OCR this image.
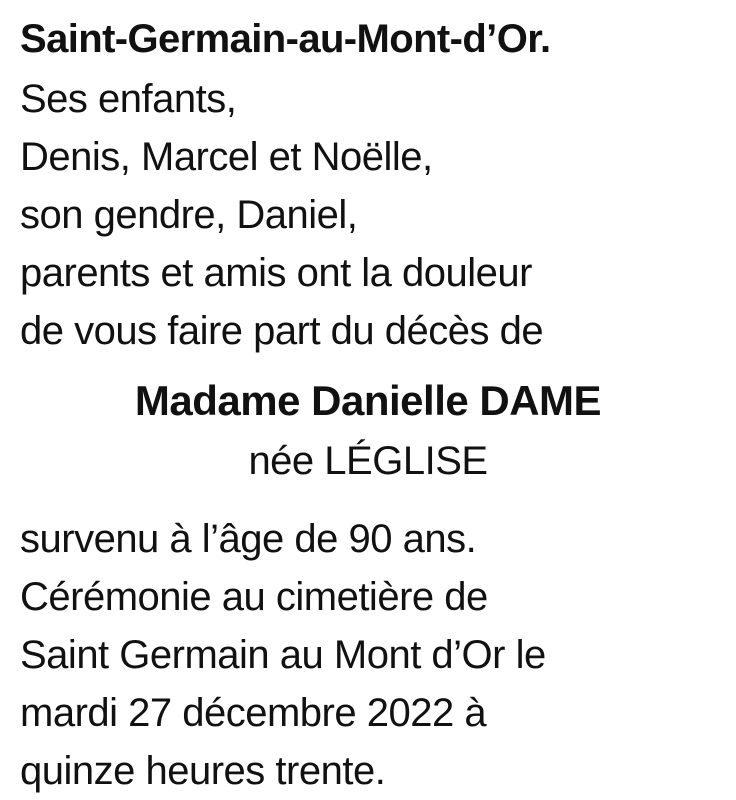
Saint-Germain-au-Mont-d’Or.
Ses enfants,
Denis, Marcel et Noëlle,
son gendre, Daniel,
parents et amis ont la douleur
de vous faire part du décès de
Madame Danielle DAME
née LÉGLISE
survenu à l’âge de 90 ans.
Cérémonie au cimetière de
Saint Germain au Mont d’Or le
mardi 27 décembre 2022 à
quinze heures trente.
